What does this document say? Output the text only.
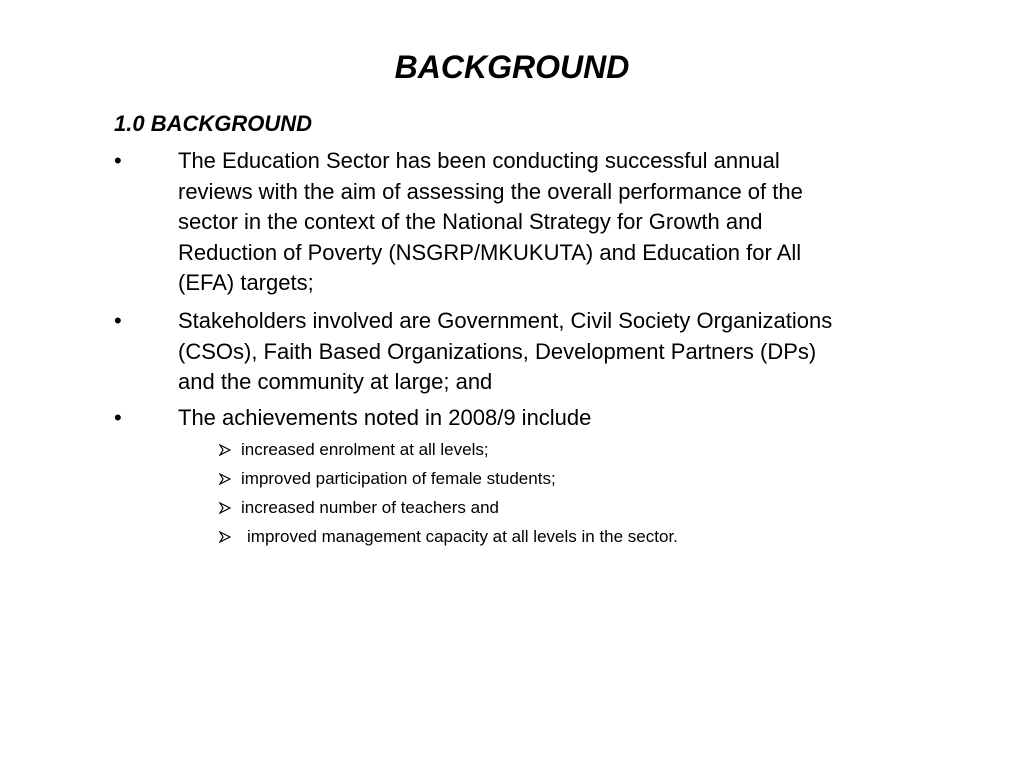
BACKGROUND
1.0 BACKGROUND
•	The Education Sector has been conducting successful annual
reviews with the aim of assessing the overall performance of the
sector in the context of the National Strategy for Growth and
Reduction of Poverty (NSGRP/MKUKUTA) and Education for All
(EFA) targets;
•	Stakeholders involved are Government, Civil Society Organizations
(CSOs), Faith Based Organizations, Development Partners (DPs)
and the community at large; and
•	The achievements noted in 2008/9 include
increased enrolment at all levels;
improved participation of female students;
increased number of teachers and
improved management capacity at all levels in the sector.
